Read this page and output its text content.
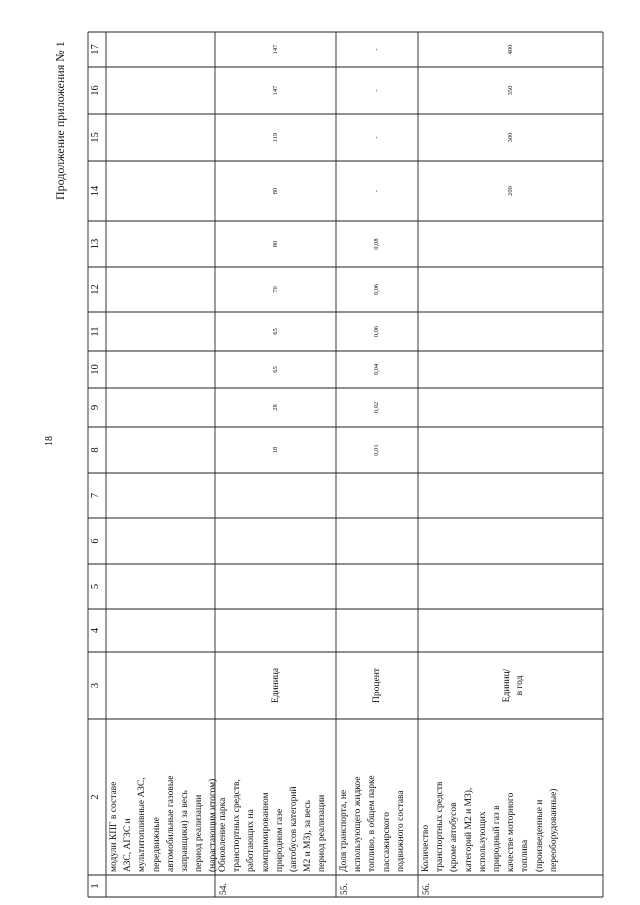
18
Продолжение приложения № 1
1
2
3
4
5
6
7
8
9
10
11
12
13
14
15
16
17
модули КПГ в составе АЗС, АГЗС и мультитопливные АЗС, передвижные автомобильные газовые заправщики) за весь период реализации (нарастающим итогом)
54.
Обновление парка транспортных средств, работающих на компримированном природном газе (автобусов категорий М2 и М3), за весь период реализации
Единица
18
28
65
65
70
80
80
119
147
147
55.
Доля транспорта, не использующего жидкое топливо, в общем парке пассажирского подвижного состава
Процент
0,01
0,02
0,04
0,06
0,06
0,08
-
-
-
-
56.
Количество транспортных средств (кроме автобусов категорий М2 и М3), использующих природный газ в качестве моторного топлива (произведенные и переоборудованные)
Единиц/ в год
200
300
350
400
